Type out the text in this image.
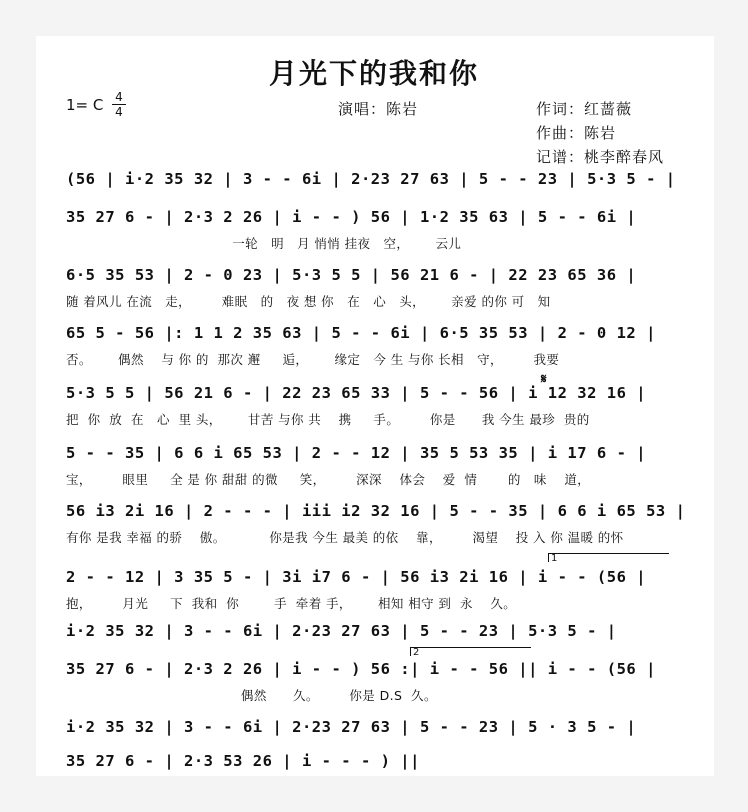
月光下的我和你
1= C 4
4	演唱：陈岩	作词：红蔷薇
作曲：陈岩
记谱：桃李醉春风
(56 | i·2 35 32 | 3 - - 6i | 2·23 27 63 | 5 - - 23 | 5·3 5 - |
35 27 6 - | 2·3 2 26 | i - - ) 56 | 1·2 35 63 | 5 - - 6i |
一轮   明   月 悄悄 挂夜   空，      云儿
6·5 35 53 | 2 - 0 23 | 5·3 5 5 | 56 21 6 - | 22 23 65 36 |
随 着风儿 在流   走，       难眠   的   夜 想 你   在   心   头，      亲爱 的你 可   知
65 5 - 56 |: 1 1 2 35 63 | 5 - - 6i | 6·5 35 53 | 2 - 0 12 |
否。      偶然    与 你 的  那次 邂     逅，      缘定   今 生 与你 长相   守，       我要
5·3 5 5 | 56 21 6 - | 22 23 65 33 | 5 - - 56 | i 12 32 16 |
把  你  放  在   心  里 头，      甘苦 与你 共    携     手。       你是      我 今生 最珍  贵的
𝄋
5 - - 35 | 6 6 i 65 53 | 2 - - 12 | 35 5 53 35 | i 17 6 - |
宝，       眼里     全 是 你 甜甜 的微     笑，       深深    体会    爱  情       的   味    道，
56 i3 2i 16 | 2 - - - | iii i2 32 16 | 5 - - 35 | 6 6 i 65 53 |
有你 是我 幸福 的骄    傲。          你是我 今生 最美 的依    靠，       渴望    投 入 你 温暖 的怀
1
2 - - 12 | 3 35 5 - | 3i i7 6 - | 56 i3 2i 16 | i - - (56 |
抱，       月光     下  我和  你        手  牵着 手，      相知 相守 到  永    久。
i·2 35 32 | 3 - - 6i | 2·23 27 63 | 5 - - 23 | 5·3 5 - |
2
35 27 6 - | 2·3 2 26 | i - - ) 56 :| i - - 56 || i - - (56 |
偶然      久。       你是 D.S  久。
i·2 35 32 | 3 - - 6i | 2·23 27 63 | 5 - - 23 | 5 · 3 5 - |
35 27 6 - | 2·3 53 26 | i - - - ) ||
